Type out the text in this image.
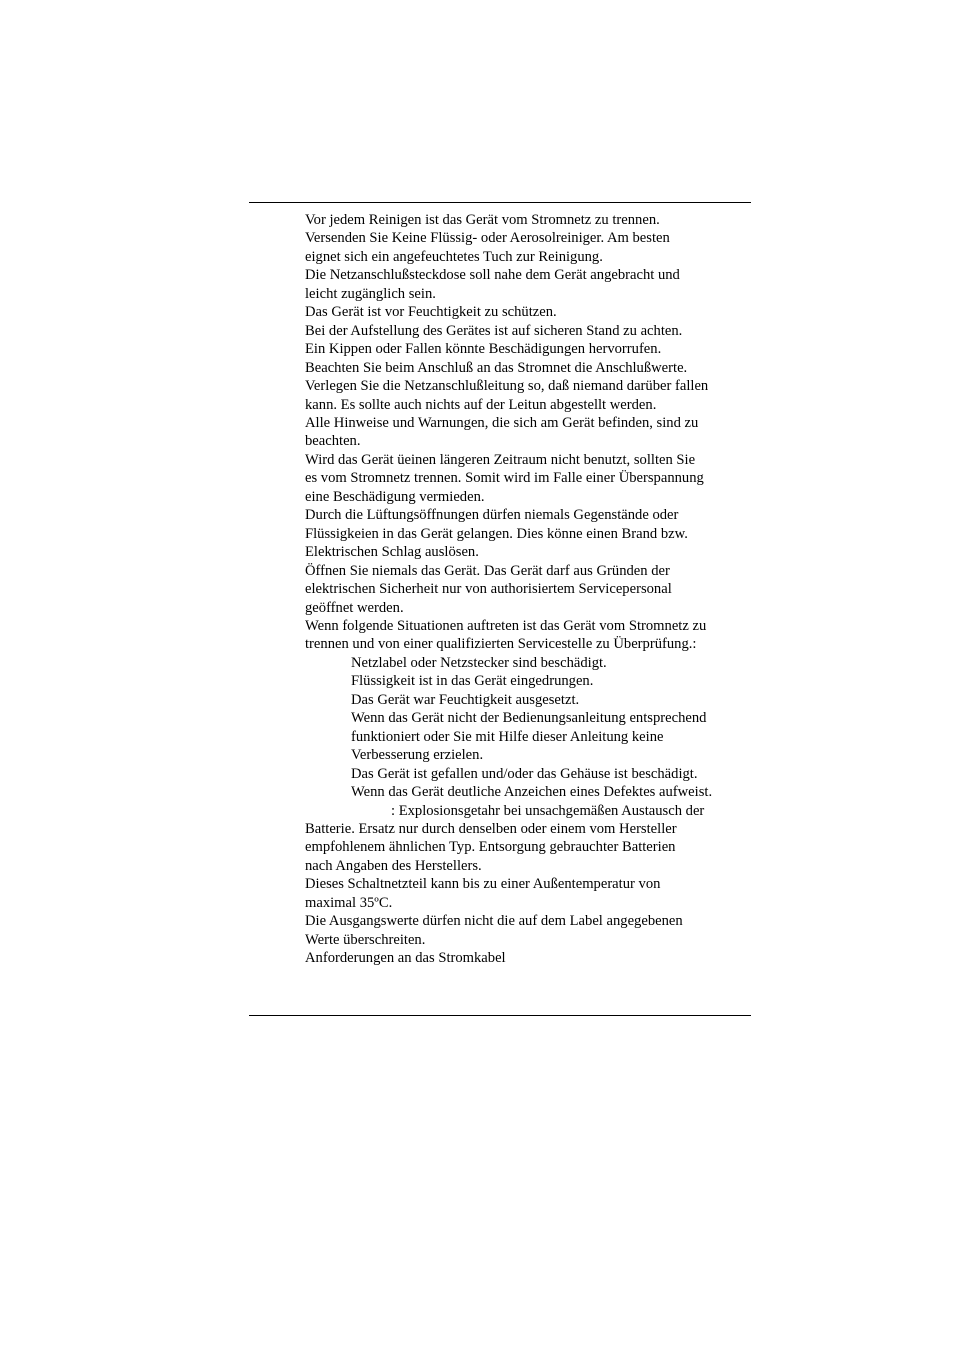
Vor jedem Reinigen ist das Gerät vom Stromnetz zu trennen.
Versenden Sie Keine Flüssig- oder Aerosolreiniger. Am besten
eignet sich ein angefeuchtetes Tuch zur Reinigung.
Die Netzanschlußsteckdose soll nahe dem Gerät angebracht und
leicht zugänglich sein.
Das Gerät ist vor Feuchtigkeit zu schützen.
Bei der Aufstellung des Gerätes ist auf sicheren Stand zu achten.
Ein Kippen oder Fallen könnte Beschädigungen hervorrufen.
Beachten Sie beim Anschluß an das Stromnet die Anschlußwerte.
Verlegen Sie die Netzanschlußleitung so, daß niemand darüber fallen
kann. Es sollte auch nichts auf der Leitun abgestellt werden.
Alle Hinweise und Warnungen, die sich am Gerät befinden, sind zu
beachten.
Wird das Gerät üeinen längeren Zeitraum nicht benutzt, sollten Sie
es vom Stromnetz trennen. Somit wird im Falle einer Überspannung
eine Beschädigung vermieden.
Durch die Lüftungsöffnungen dürfen niemals Gegenstände oder
Flüssigkeien in das Gerät gelangen. Dies könne einen Brand bzw.
Elektrischen Schlag auslösen.
Öffnen Sie niemals das Gerät. Das Gerät darf aus Gründen der
elektrischen Sicherheit nur von authorisiertem Servicepersonal
geöffnet werden.
Wenn folgende Situationen auftreten ist das Gerät vom Stromnetz zu
trennen und von einer qualifizierten Servicestelle zu Überprüfung.:
Netzlabel oder Netzstecker sind beschädigt.
Flüssigkeit ist in das Gerät eingedrungen.
Das Gerät war Feuchtigkeit ausgesetzt.
Wenn das Gerät nicht der Bedienungsanleitung entsprechend
funktioniert oder Sie mit Hilfe dieser Anleitung keine
Verbesserung erzielen.
Das Gerät ist gefallen und/oder das Gehäuse ist beschädigt.
Wenn das Gerät deutliche Anzeichen eines Defektes aufweist.
: Explosionsgetahr bei unsachgemäßen Austausch der
Batterie. Ersatz nur durch denselben oder einem vom Hersteller
empfohlenem ähnlichen Typ. Entsorgung gebrauchter Batterien
nach Angaben des Herstellers.
Dieses Schaltnetzteil kann bis zu einer Außentemperatur von
maximal 35ºC.
Die Ausgangswerte dürfen nicht die auf dem Label angegebenen
Werte überschreiten.
Anforderungen an das Stromkabel
